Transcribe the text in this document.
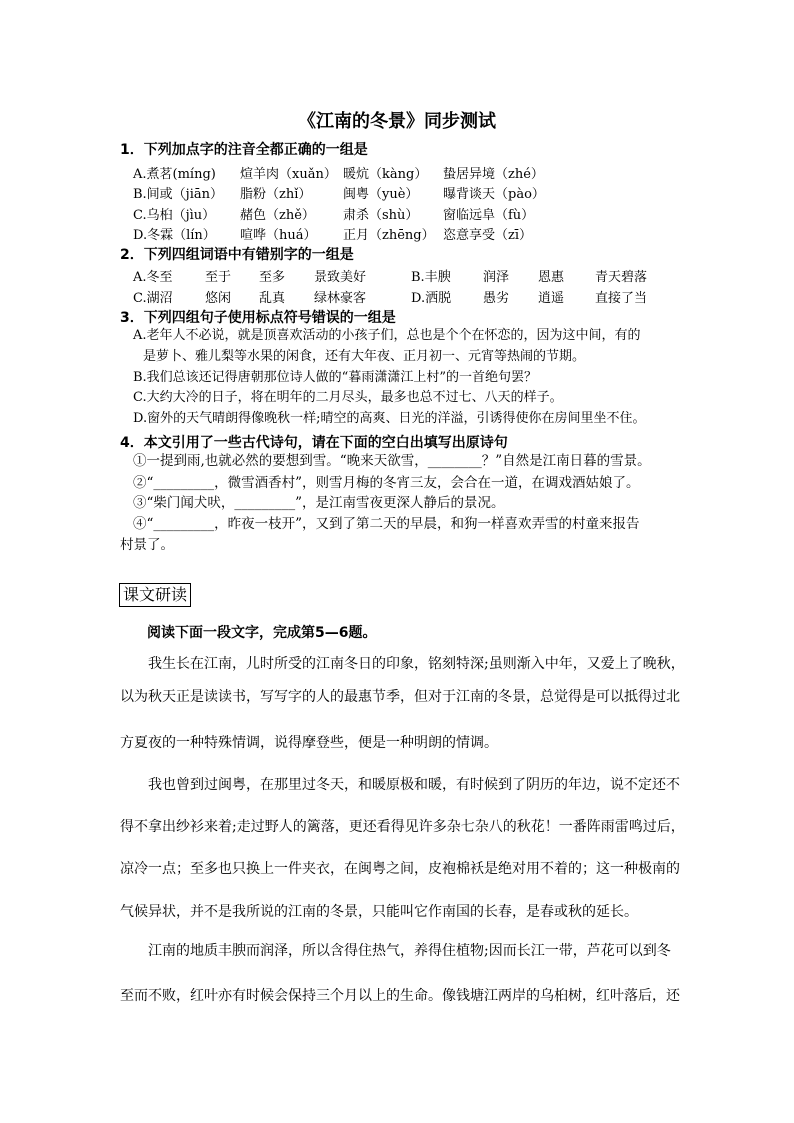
《江南的冬景》同步测试
1．下列加点字的注音全都正确的一组是
A.煮茗(míng) 煊羊肉（xuǎn） 暖炕（kàng） 蛰居异境（zhé）
B.间或（jiān） 脂粉（zhǐ） 闽粤（yuè） 曝背谈天（pào）
C.乌桕（jìu） 赭色（zhě） 肃杀（shù） 窗临远阜（fù）
D.冬霖（lín） 喧哗（huá） 正月（zhēng） 恣意享受（zī）
2．下列四组词语中有错别字的一组是
A.冬至 至于 至多 景致美好	B.丰腴 润泽 恩惠 青天碧落
C.湖沼 悠闲 乱真 绿林豪客	D.洒脱 愚劣 逍遥 直接了当
3．下列四组句子使用标点符号错误的一组是
A.老年人不必说，就是顶喜欢活动的小孩子们，总也是个个在怀恋的，因为这中间，有的
是萝卜、雅儿梨等水果的闲食，还有大年夜、正月初一、元宵等热闹的节期。
B.我们总该还记得唐朝那位诗人做的“暮雨潇潇江上村”的一首绝句罢？
C.大约大冷的日子，将在明年的二月尽头，最多也总不过七、八天的样子。
D.窗外的天气晴朗得像晚秋一样;晴空的高爽、日光的洋溢，引诱得使你在房间里坐不住。
4．本文引用了一些古代诗句，请在下面的空白出填写出原诗句
①一提到雨,也就必然的要想到雪。“晚来天欲雪，________？”自然是江南日暮的雪景。
②“_________，微雪酒香村”，则雪月梅的冬宵三友，会合在一道，在调戏酒姑娘了。
③“柴门闻犬吠，_________”，是江南雪夜更深人静后的景况。
④“_________，昨夜一枝开”，又到了第二天的早晨，和狗一样喜欢弄雪的村童来报告
村景了。
课文研读
阅读下面一段文字，完成第5—6题。
我生长在江南，儿时所受的江南冬日的印象，铭刻特深;虽则渐入中年，又爱上了晚秋，
以为秋天正是读读书，写写字的人的最惠节季，但对于江南的冬景，总觉得是可以抵得过北
方夏夜的一种特殊情调，说得摩登些，便是一种明朗的情调。
我也曾到过闽粤，在那里过冬天，和暖原极和暖，有时候到了阴历的年边，说不定还不
得不拿出纱衫来着;走过野人的篱落，更还看得见许多杂七杂八的秋花！一番阵雨雷鸣过后，
凉冷一点；至多也只换上一件夹衣，在闽粤之间，皮袍棉袄是绝对用不着的；这一种极南的
气候异状，并不是我所说的江南的冬景，只能叫它作南国的长春，是春或秋的延长。
江南的地质丰腴而润泽，所以含得住热气，养得住植物;因而长江一带，芦花可以到冬
至而不败，红叶亦有时候会保持三个月以上的生命。像钱塘江两岸的乌桕树，红叶落后，还
